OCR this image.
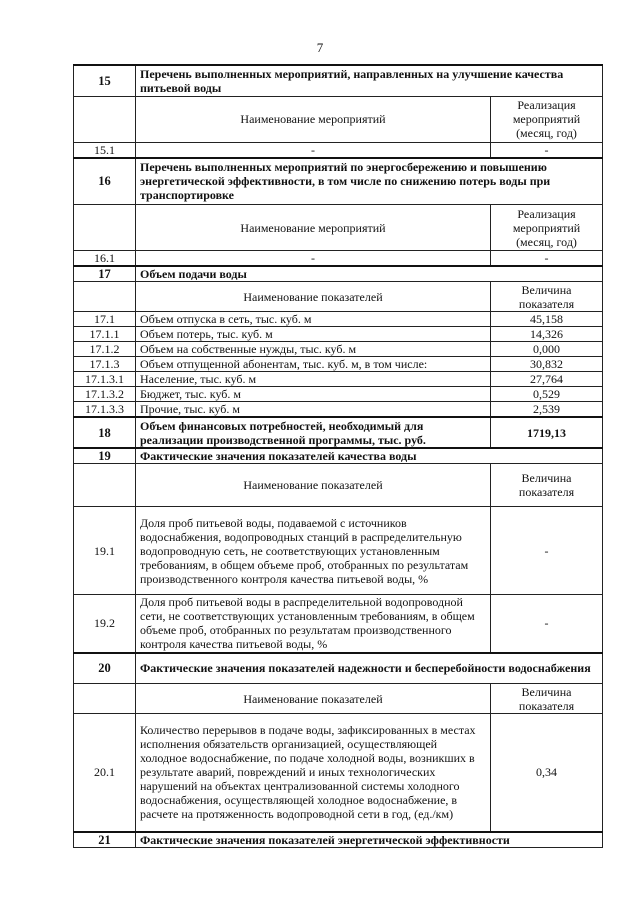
7
15	Перечень выполненных мероприятий, направленных на улучшение качества питьевой воды	
	Наименование мероприятий	Реализация мероприятий (месяц, год)
15.1	-	-
16	Перечень выполненных мероприятий по энергосбережению и повышению энергетической эффективности, в том числе по снижению потерь воды при транспортировке	
	Наименование мероприятий	Реализация мероприятий (месяц, год)
16.1	-	-
17	Объем подачи воды	
	Наименование показателей	Величина показателя
17.1	Объем отпуска в сеть, тыс. куб. м	45,158
17.1.1	Объем потерь, тыс. куб. м	14,326
17.1.2	Объем на собственные нужды, тыс. куб. м	0,000
17.1.3	Объем отпущенной абонентам, тыс. куб. м, в том числе:	30,832
17.1.3.1	Население, тыс. куб. м	27,764
17.1.3.2	Бюджет, тыс. куб. м	0,529
17.1.3.3	Прочие, тыс. куб. м	2,539
18	Объем финансовых потребностей, необходимый для реализации производственной программы, тыс. руб.	1719,13
19	Фактические значения показателей качества воды	
	Наименование показателей	Величина показателя
19.1	Доля проб питьевой воды, подаваемой с источников водоснабжения, водопроводных станций в распределительную водопроводную сеть, не соответствующих установленным требованиям, в общем объеме проб, отобранных по результатам производственного контроля качества питьевой воды, %	-
19.2	Доля проб питьевой воды в распределительной водопроводной сети, не соответствующих установленным требованиям, в общем объеме проб, отобранных по результатам производственного контроля качества питьевой воды, %	-
20	Фактические значения показателей надежности и бесперебойности водоснабжения	
	Наименование показателей	Величина показателя
20.1	Количество перерывов в подаче воды, зафиксированных в местах исполнения обязательств организацией, осуществляющей холодное водоснабжение, по подаче холодной воды, возникших в результате аварий, повреждений и иных технологических нарушений на объектах централизованной системы холодного водоснабжения, осуществляющей холодное водоснабжение, в расчете на протяженность водопроводной сети в год, (ед./км)	0,34
21	Фактические значения показателей энергетической эффективности	
